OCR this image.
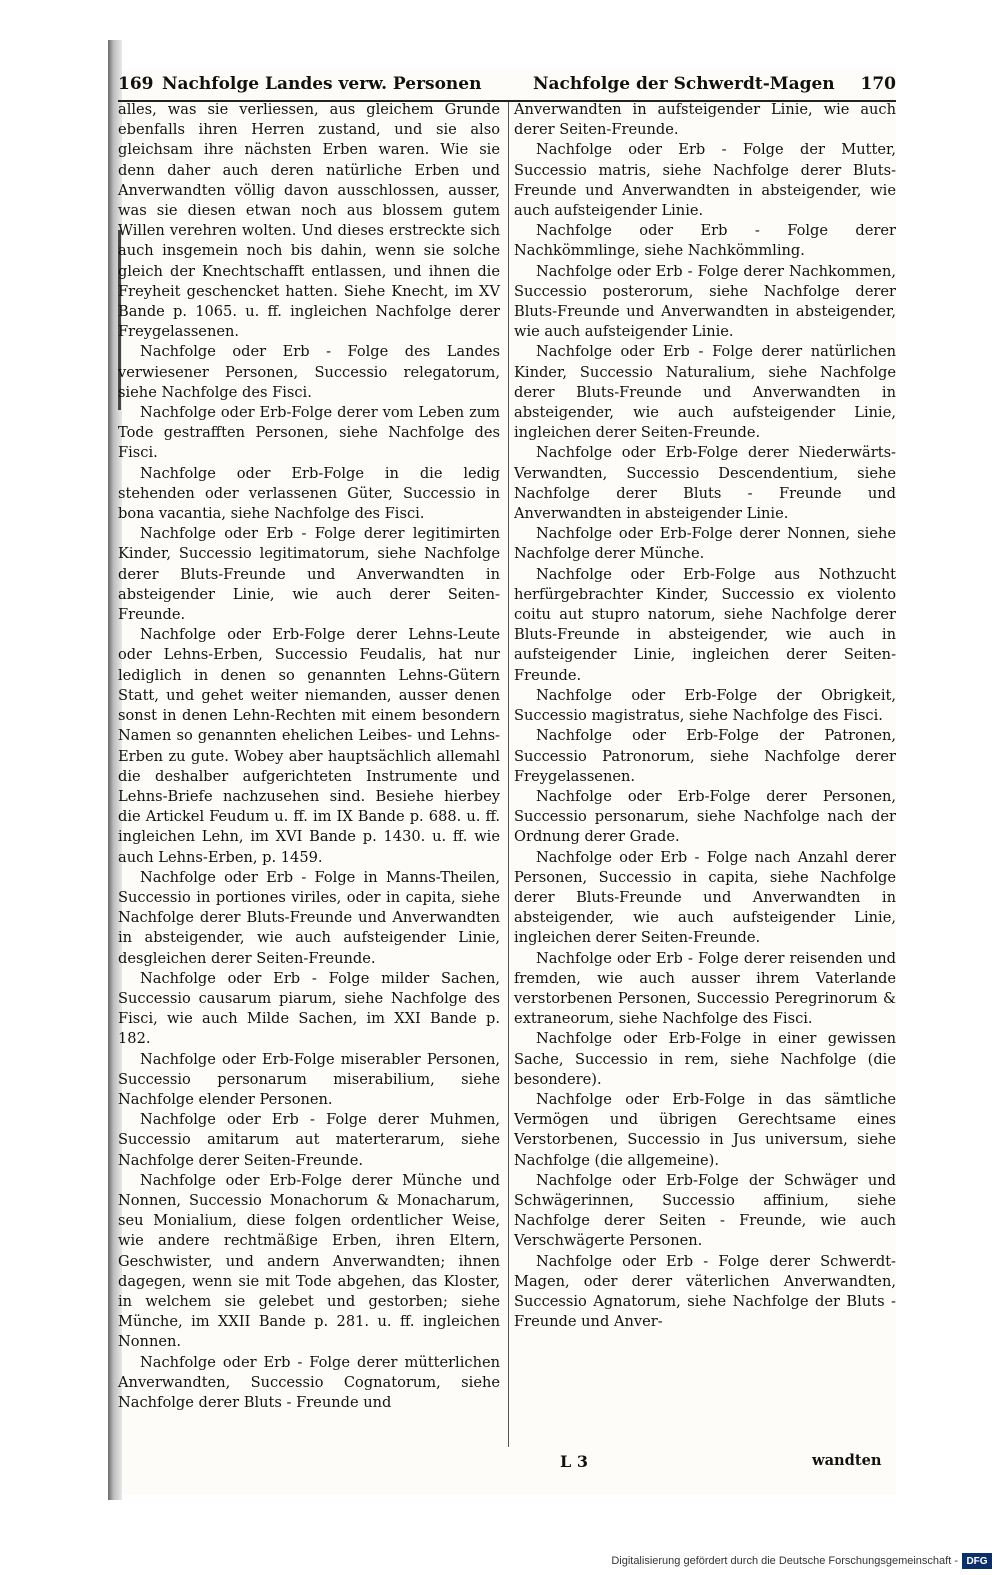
169 Nachfolge Landes verw. Personen	Nachfolge der Schwerdt-Magen 170

alles, was sie verliessen, aus gleichem Grunde ebenfalls ihren Herren zustand, und sie also gleichsam ihre nächsten Erben waren. Wie sie denn daher auch deren natürliche Erben und Anverwandten völlig davon ausschlossen, ausser, was sie diesen etwan noch aus blossem gutem Willen verehren wolten. Und dieses erstreckte sich auch insgemein noch bis dahin, wenn sie solche gleich der Knechtschafft entlassen, und ihnen die Freyheit geschencket hatten. Siehe Knecht, im XV Bande p. 1065. u. ff. ingleichen Nachfolge derer Freygelassenen.

Nachfolge oder Erb - Folge des Landes verwiesener Personen, Successio relegatorum, siehe Nachfolge des Fisci.

Nachfolge oder Erb-Folge derer vom Leben zum Tode gestrafften Personen, siehe Nachfolge des Fisci.

Nachfolge oder Erb-Folge in die ledig stehenden oder verlassenen Güter, Successio in bona vacantia, siehe Nachfolge des Fisci.

Nachfolge oder Erb - Folge derer legitimirten Kinder, Successio legitimatorum, siehe Nachfolge derer Bluts-Freunde und Anverwandten in absteigender Linie, wie auch derer Seiten-Freunde.

Nachfolge oder Erb-Folge derer Lehns-Leute oder Lehns-Erben, Successio Feudalis, hat nur lediglich in denen so genannten Lehns-Gütern Statt, und gehet weiter niemanden, ausser denen sonst in denen Lehn-Rechten mit einem besondern Namen so genannten ehelichen Leibes- und Lehns-Erben zu gute. Wobey aber hauptsächlich allemahl die deshalber aufgerichteten Instrumente und Lehns-Briefe nachzusehen sind. Besiehe hierbey die Artickel Feudum u. ff. im IX Bande p. 688. u. ff. ingleichen Lehn, im XVI Bande p. 1430. u. ff. wie auch Lehns-Erben, p. 1459.

Nachfolge oder Erb - Folge in Manns-Theilen, Successio in portiones viriles, oder in capita, siehe Nachfolge derer Bluts-Freunde und Anverwandten in absteigender, wie auch aufsteigender Linie, desgleichen derer Seiten-Freunde.

Nachfolge oder Erb - Folge milder Sachen, Successio causarum piarum, siehe Nachfolge des Fisci, wie auch Milde Sachen, im XXI Bande p. 182.

Nachfolge oder Erb-Folge miserabler Personen, Successio personarum miserabilium, siehe Nachfolge elender Personen.

Nachfolge oder Erb - Folge derer Muhmen, Successio amitarum aut materterarum, siehe Nachfolge derer Seiten-Freunde.

Nachfolge oder Erb-Folge derer Münche und Nonnen, Successio Monachorum & Monacharum, seu Monialium, diese folgen ordentlicher Weise, wie andere rechtmäßige Erben, ihren Eltern, Geschwister, und andern Anverwandten; ihnen dagegen, wenn sie mit Tode abgehen, das Kloster, in welchem sie gelebet und gestorben; siehe Münche, im XXII Bande p. 281. u. ff. ingleichen Nonnen.

Nachfolge oder Erb - Folge derer mütterlichen Anverwandten, Successio Cognatorum, siehe Nachfolge derer Bluts - Freunde und

Anverwandten in aufsteigender Linie, wie auch derer Seiten-Freunde.

Nachfolge oder Erb - Folge der Mutter, Successio matris, siehe Nachfolge derer Bluts-Freunde und Anverwandten in absteigender, wie auch aufsteigender Linie.

Nachfolge oder Erb - Folge derer Nachkömmlinge, siehe Nachkömmling.

Nachfolge oder Erb - Folge derer Nachkommen, Successio posterorum, siehe Nachfolge derer Bluts-Freunde und Anverwandten in absteigender, wie auch aufsteigender Linie.

Nachfolge oder Erb - Folge derer natürlichen Kinder, Successio Naturalium, siehe Nachfolge derer Bluts-Freunde und Anverwandten in absteigender, wie auch aufsteigender Linie, ingleichen derer Seiten-Freunde.

Nachfolge oder Erb-Folge derer Niederwärts-Verwandten, Successio Descendentium, siehe Nachfolge derer Bluts - Freunde und Anverwandten in absteigender Linie.

Nachfolge oder Erb-Folge derer Nonnen, siehe Nachfolge derer Münche.

Nachfolge oder Erb-Folge aus Nothzucht herfürgebrachter Kinder, Successio ex violento coitu aut stupro natorum, siehe Nachfolge derer Bluts-Freunde in absteigender, wie auch in aufsteigender Linie, ingleichen derer Seiten-Freunde.

Nachfolge oder Erb-Folge der Obrigkeit, Successio magistratus, siehe Nachfolge des Fisci.

Nachfolge oder Erb-Folge der Patronen, Successio Patronorum, siehe Nachfolge derer Freygelassenen.

Nachfolge oder Erb-Folge derer Personen, Successio personarum, siehe Nachfolge nach der Ordnung derer Grade.

Nachfolge oder Erb - Folge nach Anzahl derer Personen, Successio in capita, siehe Nachfolge derer Bluts-Freunde und Anverwandten in absteigender, wie auch aufsteigender Linie, ingleichen derer Seiten-Freunde.

Nachfolge oder Erb - Folge derer reisenden und fremden, wie auch ausser ihrem Vaterlande verstorbenen Personen, Successio Peregrinorum & extraneorum, siehe Nachfolge des Fisci.

Nachfolge oder Erb-Folge in einer gewissen Sache, Successio in rem, siehe Nachfolge (die besondere).

Nachfolge oder Erb-Folge in das sämtliche Vermögen und übrigen Gerechtsame eines Verstorbenen, Successio in Jus universum, siehe Nachfolge (die allgemeine).

Nachfolge oder Erb-Folge der Schwäger und Schwägerinnen, Successio affinium, siehe Nachfolge derer Seiten - Freunde, wie auch Verschwägerte Personen.

Nachfolge oder Erb - Folge derer Schwerdt-Magen, oder derer väterlichen Anverwandten, Successio Agnatorum, siehe Nachfolge der Bluts - Freunde und Anver-

L 3	wandten
Digitalisierung gefördert durch die Deutsche Forschungsgemeinschaft - DFG
